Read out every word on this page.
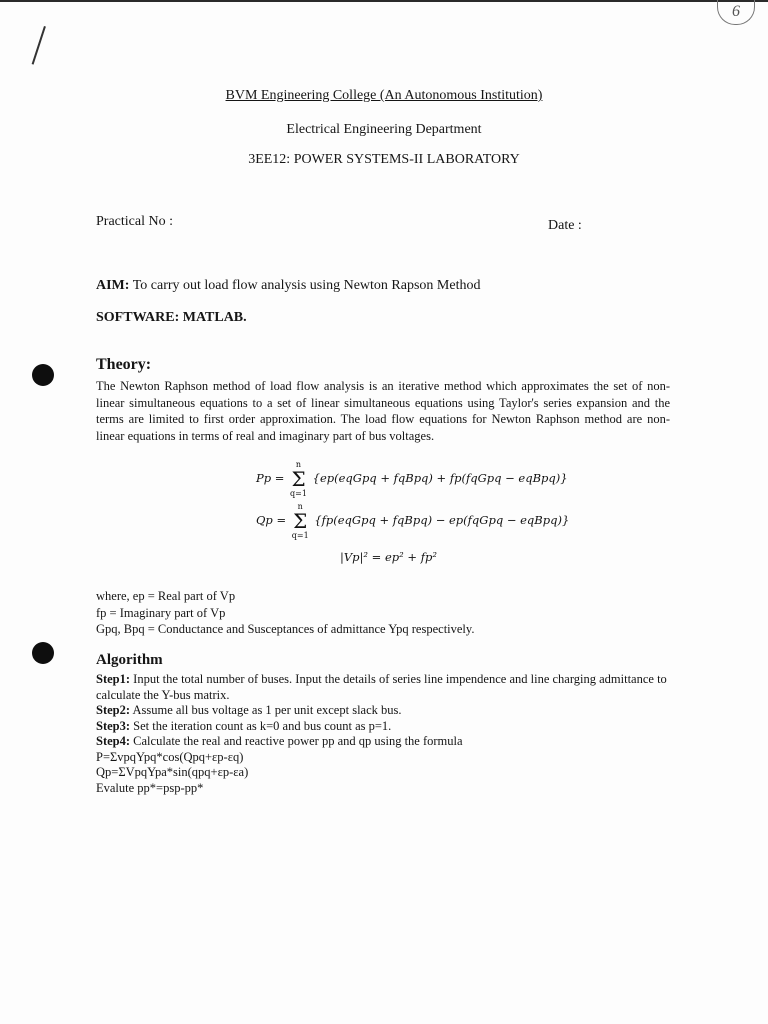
6
BVM Engineering College (An Autonomous Institution)
Electrical Engineering Department
3EE12: POWER SYSTEMS-II LABORATORY
Practical No :	Date :
AIM: To carry out load flow analysis using Newton Rapson Method
SOFTWARE: MATLAB.
Theory:
The Newton Raphson method of load flow analysis is an iterative method which approximates the set of non-linear simultaneous equations to a set of linear simultaneous equations using Taylor's series expansion and the terms are limited to first order approximation. The load flow equations for Newton Raphson method are non-linear equations in terms of real and imaginary part of bus voltages.
Pp =
n
Σ
q=1
{ep(eqGpq + fqBpq) + fp(fqGpq − eqBpq)}
Qp =
n
Σ
q=1
{fp(eqGpq + fqBpq) − ep(fqGpq − eqBpq)}
|Vp|² = ep² + fp²
where, ep = Real part of Vp
fp = Imaginary part of Vp
Gpq, Bpq = Conductance and Susceptances of admittance Ypq respectively.
Algorithm
Step1: Input the total number of buses. Input the details of series line impendence and line charging admittance to calculate the Y-bus matrix.
Step2: Assume all bus voltage as 1 per unit except slack bus.
Step3: Set the iteration count as k=0 and bus count as p=1.
Step4: Calculate the real and reactive power pp and qp using the formula
P=ΣvpqYpq*cos(Qpq+εp-εq)
Qp=ΣVpqYpa*sin(qpq+εp-εa)
Evalute pp*=psp-pp*
